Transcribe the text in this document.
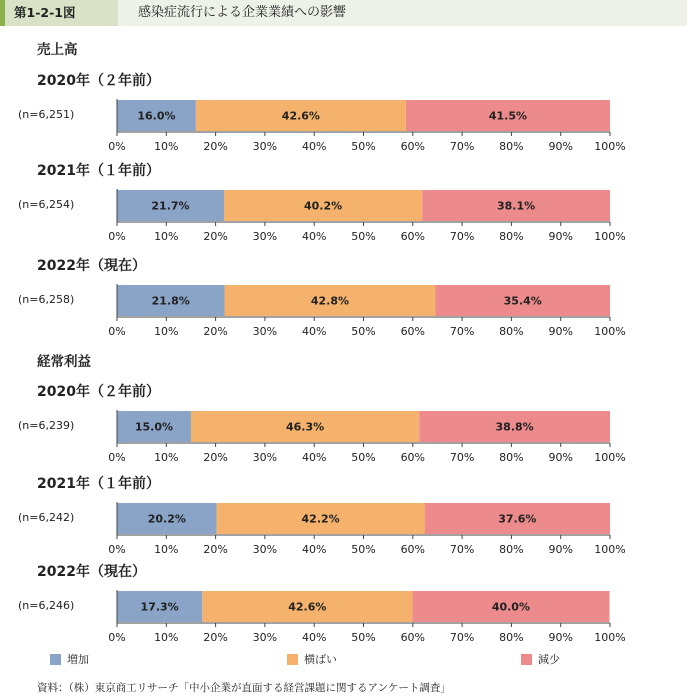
第1-2-1図	感染症流行による企業業績への影響
売上高
2020年（２年前）
(n=6,251)
2021年（１年前）
(n=6,254)
2022年（現在）
(n=6,258)
経常利益
2020年（２年前）
(n=6,239)
2021年（１年前）
(n=6,242)
2022年（現在）
(n=6,246)
16.0%	42.6%	41.5%
0%	10% 20% 30% 40% 50% 60% 70% 80% 90% 100%
21.7%	40.2%	38.1%
0%	10% 20% 30% 40% 50% 60% 70% 80% 90% 100%
21.8%	42.8%	35.4%
0%	10% 20% 30% 40% 50% 60% 70% 80% 90% 100%
15.0%	46.3%	38.8%
0%	10% 20% 30% 40% 50% 60% 70% 80% 90% 100%
20.2%	42.2%	37.6%
0%	10% 20% 30% 40% 50% 60% 70% 80% 90% 100%
17.3%	42.6%	40.0%
0%	10% 20% 30% 40% 50% 60% 70% 80% 90% 100%
増加	横ばい	減少
資料：（株）東京商工リサーチ「中小企業が直面する経営課題に関するアンケート調査」
